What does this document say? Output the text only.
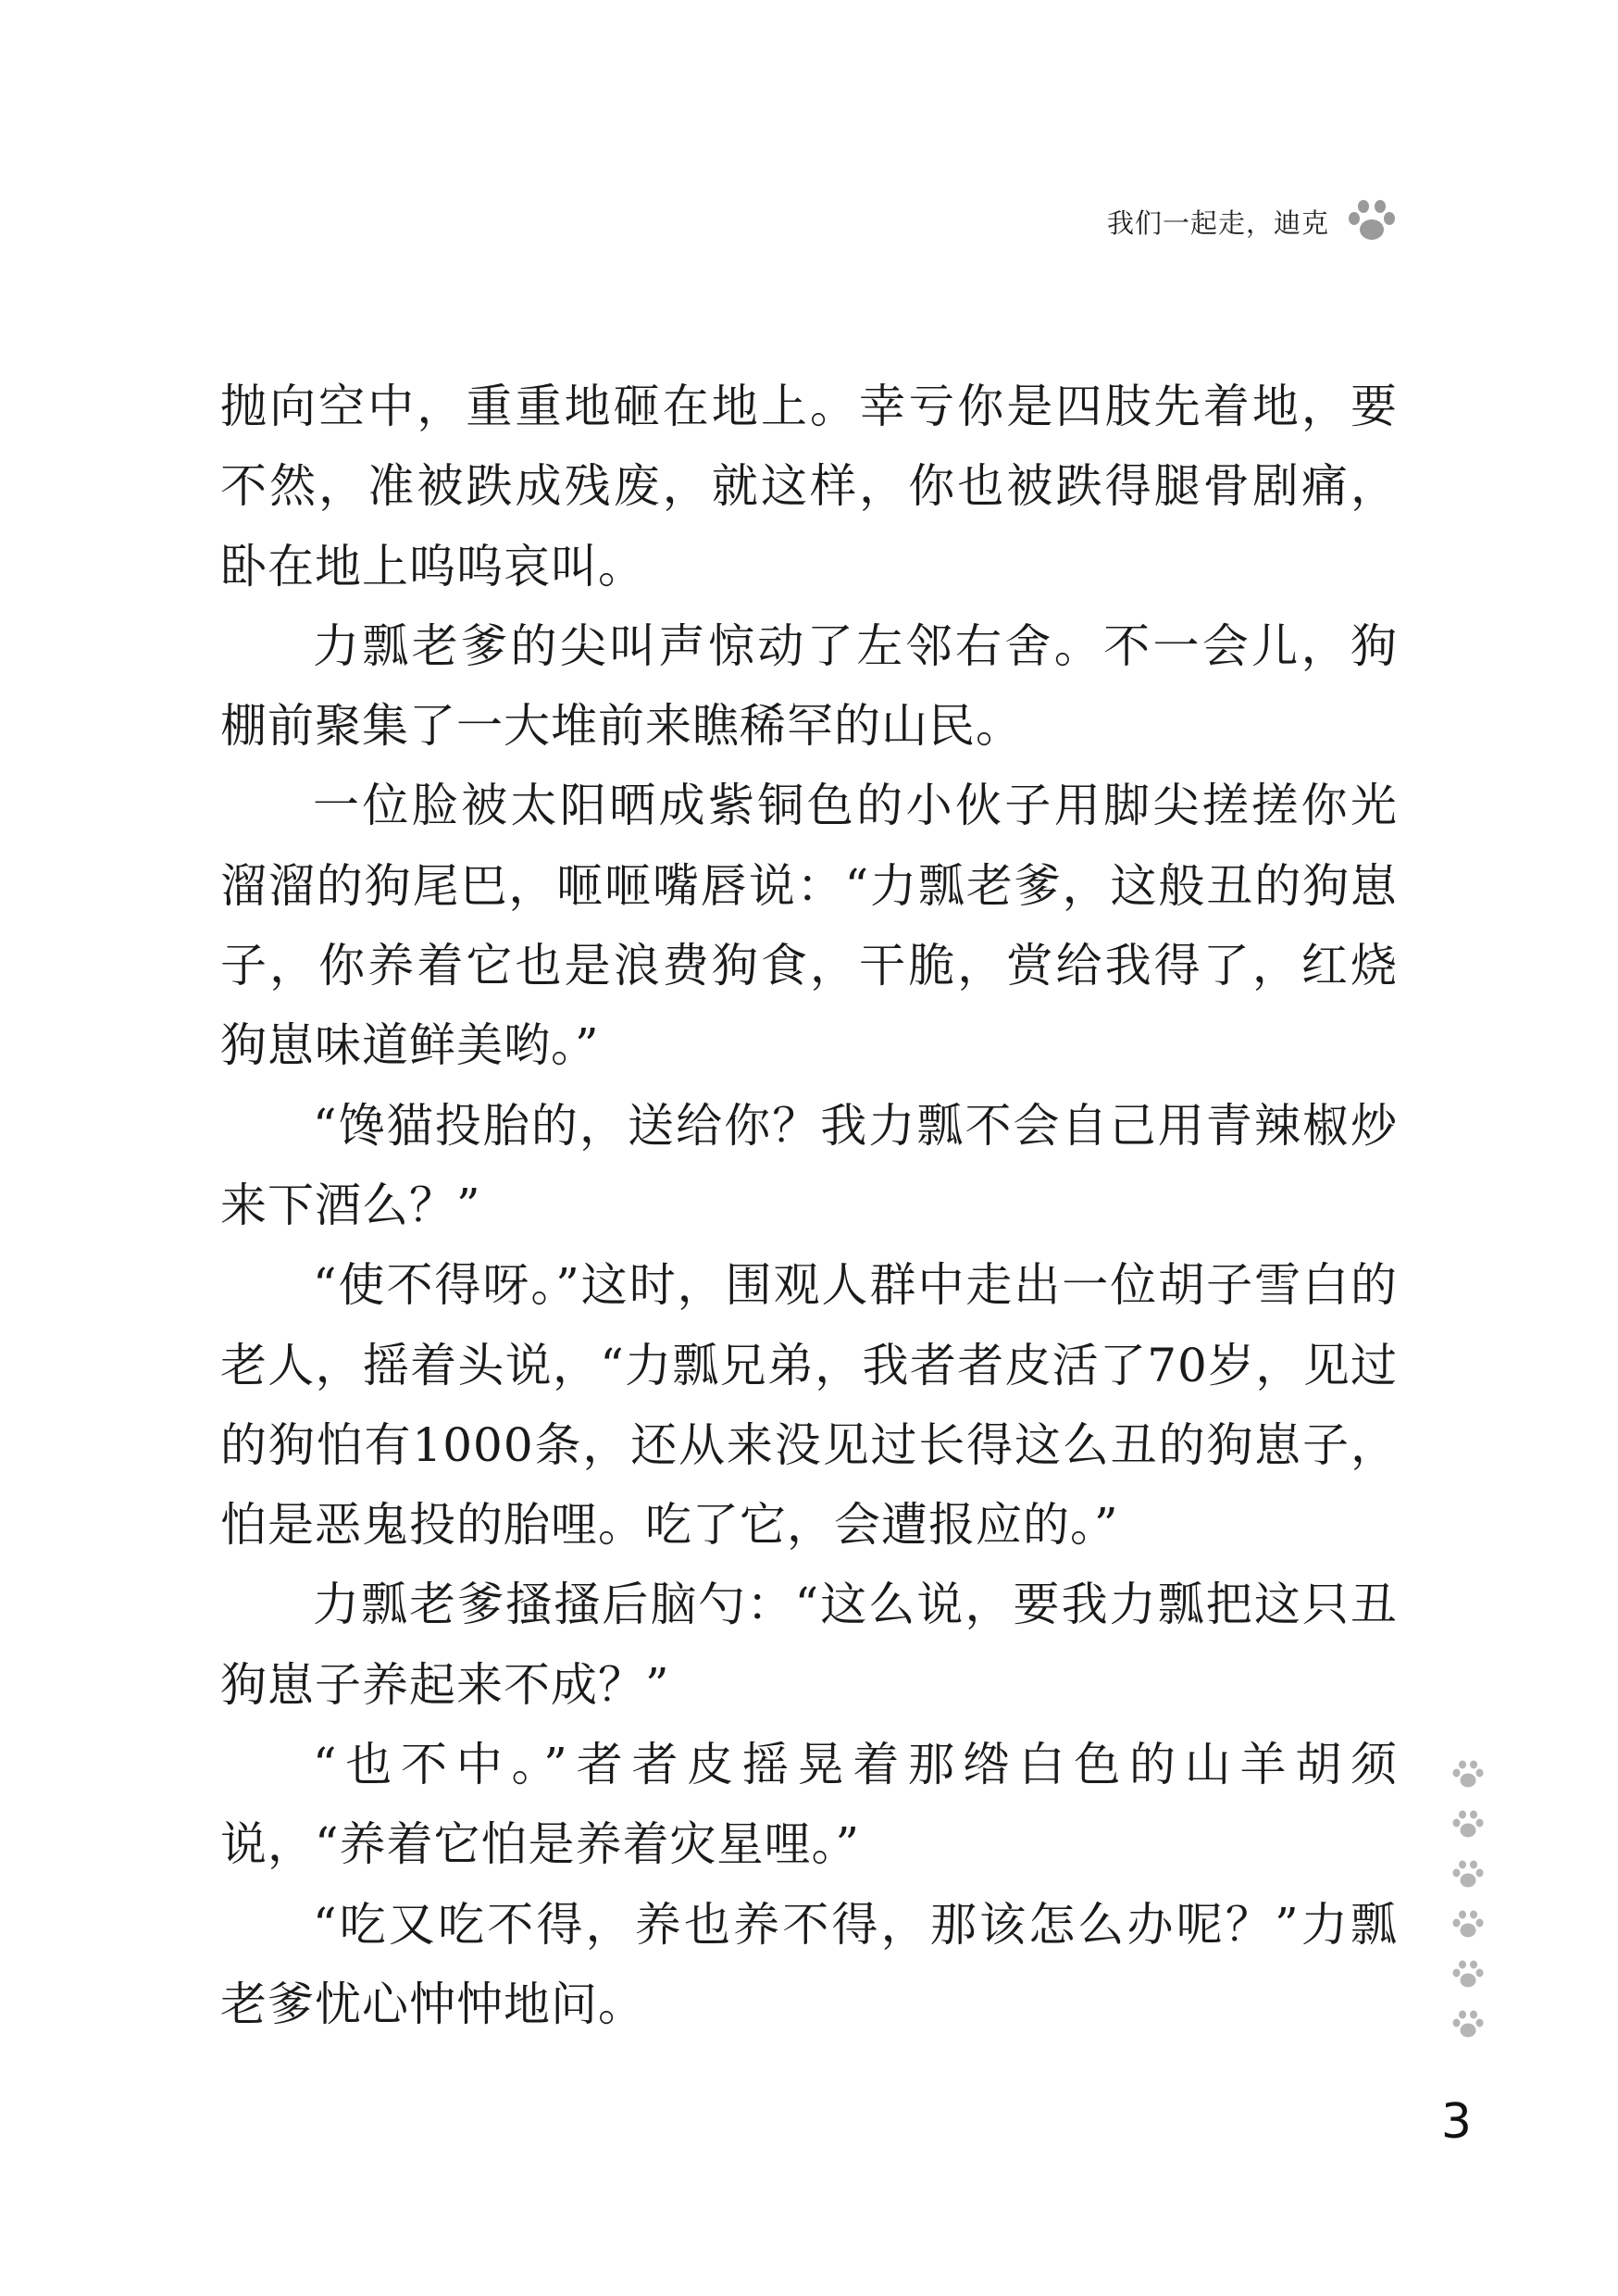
我们一起走，迪克

抛向空中，重重地砸在地上。幸亏你是四肢先着地，要不然，准被跌成残废，就这样，你也被跌得腿骨剧痛，卧在地上呜呜哀叫。

力瓢老爹的尖叫声惊动了左邻右舍。不一会儿，狗棚前聚集了一大堆前来瞧稀罕的山民。

一位脸被太阳晒成紫铜色的小伙子用脚尖搓搓你光溜溜的狗尾巴，咂咂嘴唇说：“力瓢老爹，这般丑的狗崽子，你养着它也是浪费狗食，干脆，赏给我得了，红烧狗崽味道鲜美哟。”

“馋猫投胎的，送给你？我力瓢不会自己用青辣椒炒来下酒么？”

“使不得呀。”这时，围观人群中走出一位胡子雪白的老人，摇着头说，“力瓢兄弟，我者者皮活了70岁，见过的狗怕有1000条，还从来没见过长得这么丑的狗崽子，怕是恶鬼投的胎哩。吃了它，会遭报应的。”

力瓢老爹搔搔后脑勺：“这么说，要我力瓢把这只丑狗崽子养起来不成？”

“也不中。”者者皮摇晃着那绺白色的山羊胡须说，“养着它怕是养着灾星哩。”

“吃又吃不得，养也养不得，那该怎么办呢？”力瓢老爹忧心忡忡地问。

3
